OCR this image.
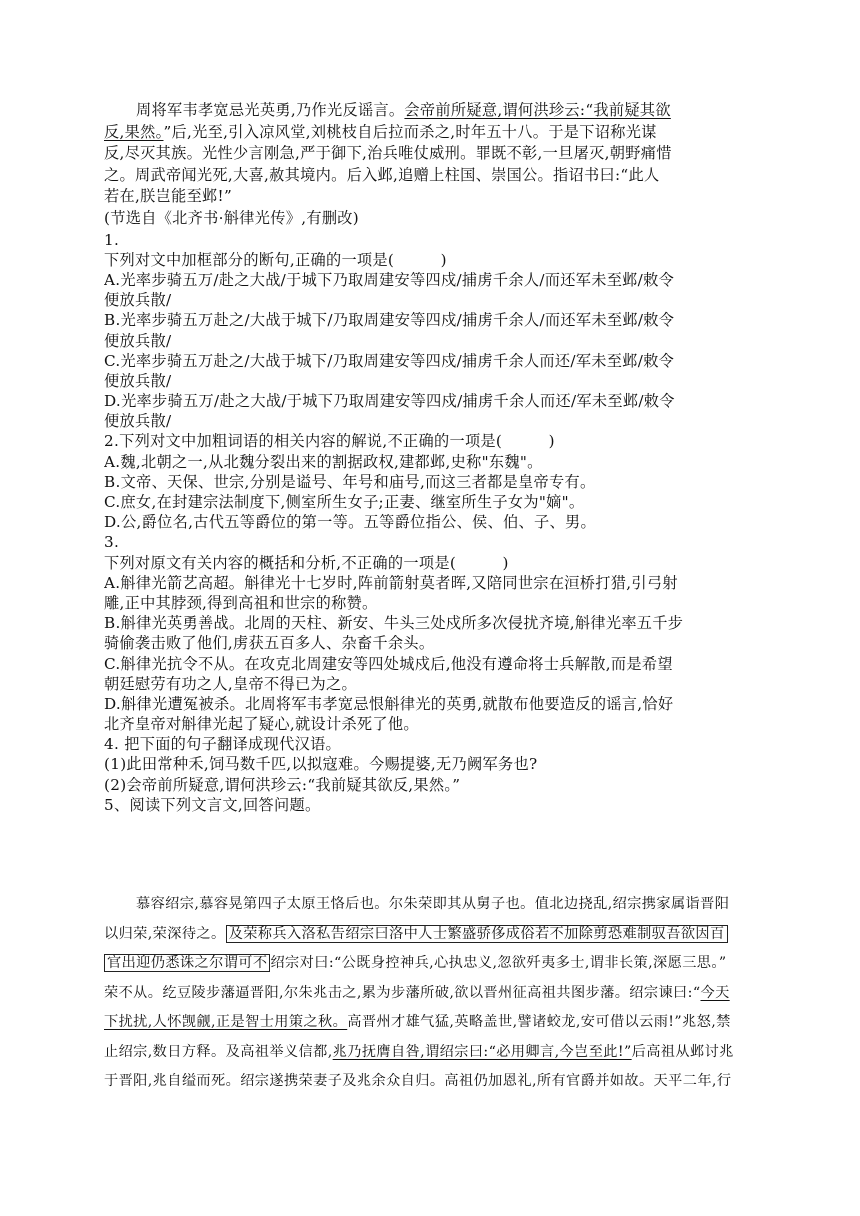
周将军韦孝宽忌光英勇,乃作光反谣言。会帝前所疑意,谓何洪珍云:“我前疑其欲
反,果然。”后,光至,引入凉风堂,刘桃枝自后拉而杀之,时年五十八。于是下诏称光谋
反,尽灭其族。光性少言刚急,严于御下,治兵唯仗威刑。罪既不彰,一旦屠灭,朝野痛惜
之。周武帝闻光死,大喜,赦其境内。后入邺,追赠上柱国、崇国公。指诏书曰:“此人
若在,朕岂能至邺!”
(节选自《北齐书·斛律光传》,有删改)
1.
下列对文中加框部分的断句,正确的一项是(　　　)
A.光率步骑五万/赴之大战/于城下乃取周建安等四戍/捕虏千余人/而还军未至邺/敕令
便放兵散/
B.光率步骑五万赴之/大战于城下/乃取周建安等四戍/捕虏千余人/而还军未至邺/敕令
便放兵散/
C.光率步骑五万赴之/大战于城下/乃取周建安等四戍/捕虏千余人而还/军未至邺/敕令
便放兵散/
D.光率步骑五万/赴之大战/于城下乃取周建安等四戍/捕虏千余人而还/军未至邺/敕令
便放兵散/
2.下列对文中加粗词语的相关内容的解说,不正确的一项是(　　　)
A.魏,北朝之一,从北魏分裂出来的割据政权,建都邺,史称"东魏"。
B.文帝、天保、世宗,分别是谥号、年号和庙号,而这三者都是皇帝专有。
C.庶女,在封建宗法制度下,侧室所生女子;正妻、继室所生子女为"嫡"。
D.公,爵位名,古代五等爵位的第一等。五等爵位指公、侯、伯、子、男。
3.
下列对原文有关内容的概括和分析,不正确的一项是(　　　)
A.斛律光箭艺高超。斛律光十七岁时,阵前箭射莫者晖,又陪同世宗在洹桥打猎,引弓射
雕,正中其脖颈,得到高祖和世宗的称赞。
B.斛律光英勇善战。北周的天柱、新安、牛头三处戍所多次侵扰齐境,斛律光率五千步
骑偷袭击败了他们,虏获五百多人、杂畜千余头。
C.斛律光抗令不从。在攻克北周建安等四处城戍后,他没有遵命将士兵解散,而是希望
朝廷慰劳有功之人,皇帝不得已为之。
D.斛律光遭冤被杀。北周将军韦孝宽忌恨斛律光的英勇,就散布他要造反的谣言,恰好
北齐皇帝对斛律光起了疑心,就设计杀死了他。
4. 把下面的句子翻译成现代汉语。
(1)此田常种禾,饲马数千匹,以拟寇难。今赐提婆,无乃阙军务也?
(2)会帝前所疑意,谓何洪珍云:“我前疑其欲反,果然。”
5、阅读下列文言文,回答问题。
慕容绍宗,慕容晃第四子太原王恪后也。尔朱荣即其从舅子也。值北边挠乱,绍宗携家属诣晋阳
以归荣,荣深待之。 及荣称兵入洛私告绍宗曰洛中人士繁盛骄侈成俗若不加除剪恐难制驭吾欲因百
官出迎仍悉诛之尔谓可不 绍宗对曰:“公既身控神兵,心执忠义,忽欲歼夷多士,谓非长策,深愿三思。”
荣不从。纥豆陵步藩逼晋阳,尔朱兆击之,累为步藩所破,欲以晋州征高祖共图步藩。绍宗谏曰:“今天
下扰扰,人怀觊觎,正是智士用策之秋。高晋州才雄气猛,英略盖世,譬诸蛟龙,安可借以云雨!”兆怒,禁
止绍宗,数日方释。及高祖举义信都,兆乃抚膺自咎,谓绍宗曰:“必用卿言,今岂至此!”后高祖从邺讨兆
于晋阳,兆自缢而死。绍宗遂携荣妻子及兆余众自归。高祖仍加恩礼,所有官爵并如故。天平二年,行
